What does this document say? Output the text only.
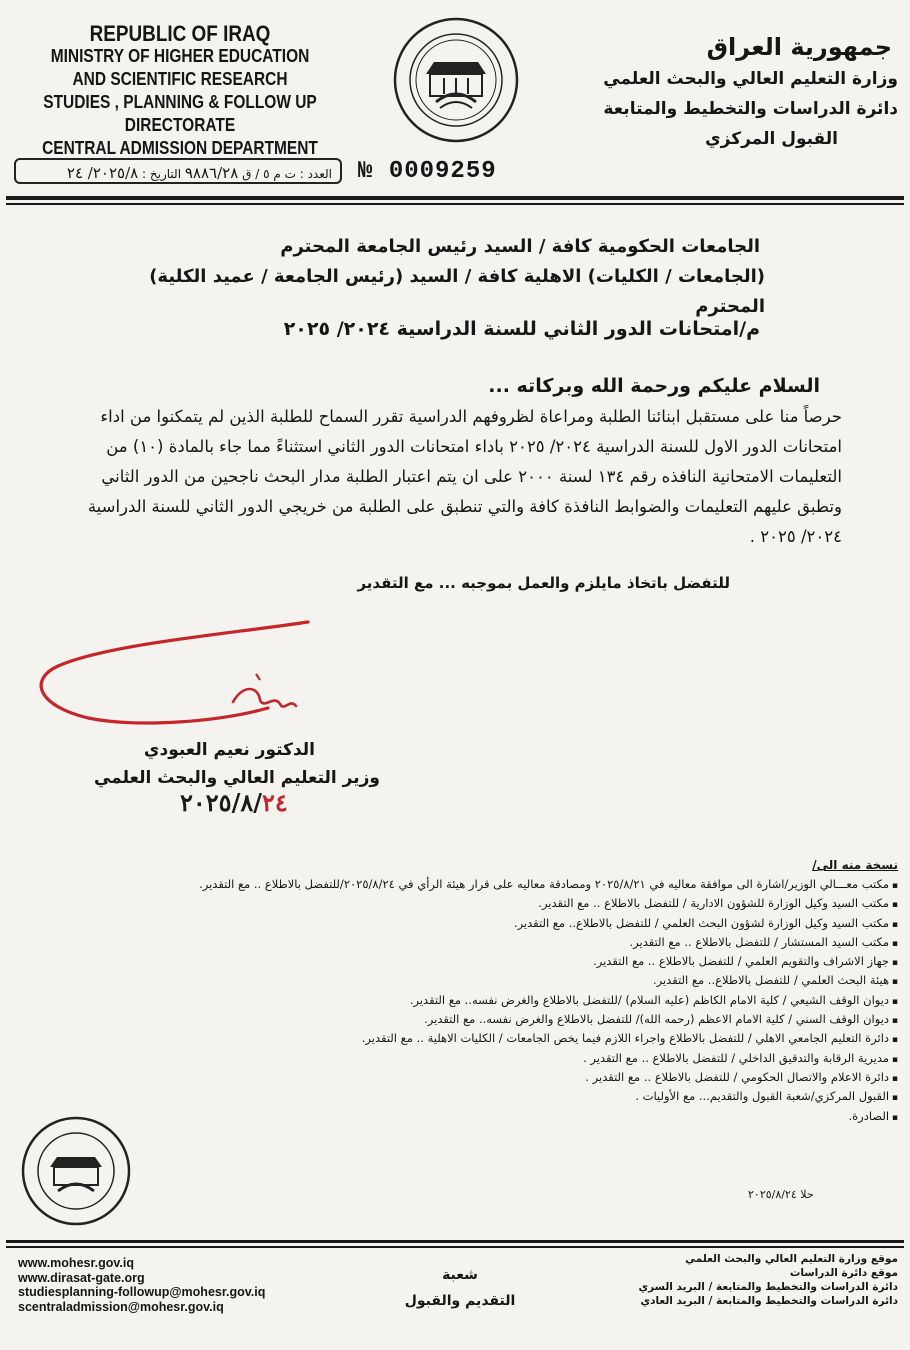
REPUBLIC OF IRAQ
MINISTRY OF HIGHER EDUCATION
AND SCIENTIFIC RESEARCH
STUDIES , PLANNING & FOLLOW UP DIRECTORATE
CENTRAL ADMISSION DEPARTMENT
جمهورية العراق
وزارة التعليم العالي والبحث العلمي
دائرة الدراسات والتخطيط والمتابعة
القبول المركزي
العدد : ت م ٥ / ق ٩٨٨٦/٢٨ التاريخ : ٢٠٢٥/٨/ ٢٤	№ 0009259
الجامعات الحكومية كافة / السيد رئيس الجامعة المحترم
(الجامعات / الكليات) الاهلية كافة / السيد (رئيس الجامعة / عميد الكلية) المحترم
م/امتحانات الدور الثاني للسنة الدراسية ٢٠٢٤/ ٢٠٢٥
السلام عليكم ورحمة الله وبركاته ...
حرصاً منا على مستقبل ابنائنا الطلبة ومراعاة لظروفهم الدراسية تقرر السماح للطلبة الذين لم يتمكنوا من اداء
امتحانات الدور الاول للسنة الدراسية ٢٠٢٤/ ٢٠٢٥ باداء امتحانات الدور الثاني استثناءً مما جاء بالمادة (١٠) من
التعليمات الامتحانية النافذه رقم ١٣٤ لسنة ٢٠٠٠ على ان يتم اعتبار الطلبة مدار البحث ناجحين من الدور الثاني
وتطبق عليهم التعليمات والضوابط النافذة كافة والتي تنطبق على الطلبة من خريجي الدور الثاني للسنة الدراسية
٢٠٢٤/ ٢٠٢٥ .
للتفضل باتخاذ مايلزم والعمل بموجبه ... مع التقدير
الدكتور نعيم العبودي
وزير التعليم العالي والبحث العلمي
٢٠٢٥/٨/٢٤
نسخة منه الى/
▪ مكتب معـــالي الوزير/اشارة الى موافقة معاليه في ٢٠٢٥/٨/٢١ ومصادقة معاليه على قرار هيئة الرأي في ٢٠٢٥/٨/٢٤/للتفضل بالاطلاع .. مع التقدير.
▪ مكتب السيد وكيل الوزارة للشؤون الادارية / للتفضل بالاطلاع .. مع التقدير.
▪ مكتب السيد وكيل الوزارة لشؤون البحث العلمي / للتفضل بالاطلاع.. مع التقدير.
▪ مكتب السيد المستشار / للتفضل بالاطلاع .. مع التقدير.
▪ جهاز الاشراف والتقويم العلمي / للتفضل بالاطلاع .. مع التقدير.
▪ هيئة البحث العلمي / للتفضل بالاطلاع.. مع التقدير.
▪ ديوان الوقف الشيعي / كلية الامام الكاظم (عليه السلام) /للتفضل بالاطلاع والغرض نفسه.. مع التقدير.
▪ ديوان الوقف السني / كلية الامام الاعظم (رحمه الله)/ للتفضل بالاطلاع والغرض نفسه.. مع التقدير.
▪ دائرة التعليم الجامعي الاهلي / للتفضل بالاطلاع واجراء اللازم فيما يخص الجامعات / الكليات الاهلية .. مع التقدير.
▪ مديرية الرقابة والتدقيق الداخلي / للتفضل بالاطلاع .. مع التقدير .
▪ دائرة الاعلام والاتصال الحكومي / للتفضل بالاطلاع .. مع التقدير .
▪ القبول المركزي/شعبة القبول والتقديم... مع الأوليات .
▪ الصادرة.
حلا ٢٠٢٥/٨/٢٤
www.mohesr.gov.iq
www.dirasat-gate.org
studiesplanning-followup@mohesr.gov.iq
scentraladmission@mohesr.gov.iq
شعبة
التقديم والقبول
موقع وزارة التعليم العالي والبحث العلمي
موقع دائرة الدراسات
دائرة الدراسات والتخطيط والمتابعة / البريد السري
دائرة الدراسات والتخطيط والمتابعة / البريد العادي
